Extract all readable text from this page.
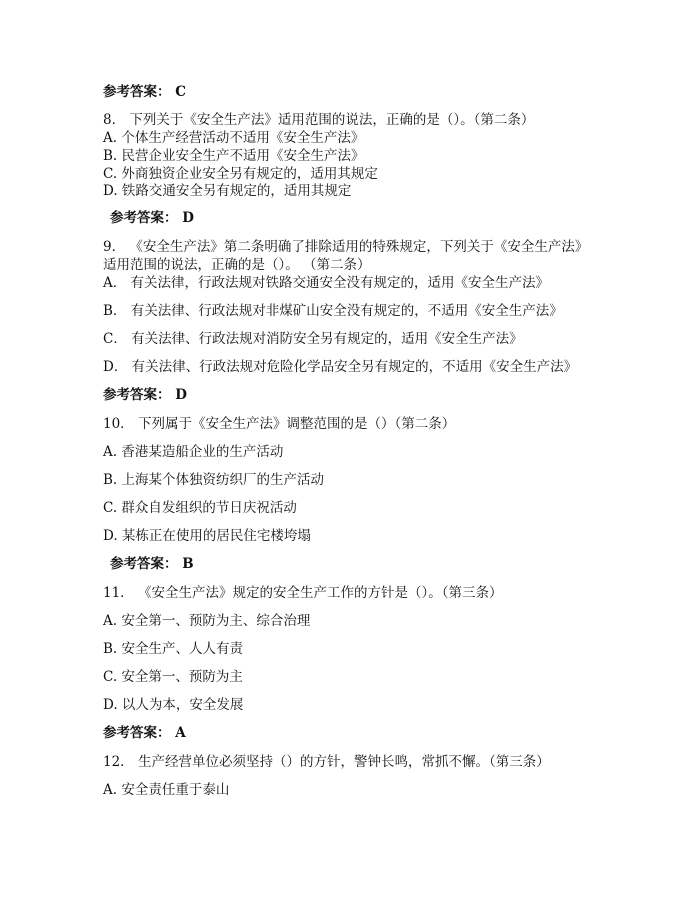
参考答案： C
8． 下列关于《安全生产法》适用范围的说法，正确的是（）。（第二条）
A. 个体生产经营活动不适用《安全生产法》
B. 民营企业安全生产不适用《安全生产法》
C. 外商独资企业安全另有规定的，适用其规定
D. 铁路交通安全另有规定的，适用其规定
参考答案： D
9． 《安全生产法》第二条明确了排除适用的特殊规定，下列关于《安全生产法》
适用范围的说法，正确的是（）。 （第二条）
A． 有关法律，行政法规对铁路交通安全没有规定的，适用《安全生产法》
B． 有关法律、行政法规对非煤矿山安全没有规定的，不适用《安全生产法》
C． 有关法律、行政法规对消防安全另有规定的，适用《安全生产法》
D． 有关法律、行政法规对危险化学品安全另有规定的，不适用《安全生产法》
参考答案： D
10． 下列属于《安全生产法》调整范围的是（）（第二条）
A. 香港某造船企业的生产活动
B. 上海某个体独资纺织厂的生产活动
C. 群众自发组织的节日庆祝活动
D. 某栋正在使用的居民住宅楼垮塌
参考答案： B
11． 《安全生产法》规定的安全生产工作的方针是（）。（第三条）
A. 安全第一、预防为主、综合治理
B. 安全生产、人人有责
C. 安全第一、预防为主
D. 以人为本，安全发展
参考答案： A
12． 生产经营单位必须坚持（）的方针，警钟长鸣，常抓不懈。（第三条）
A. 安全责任重于泰山
